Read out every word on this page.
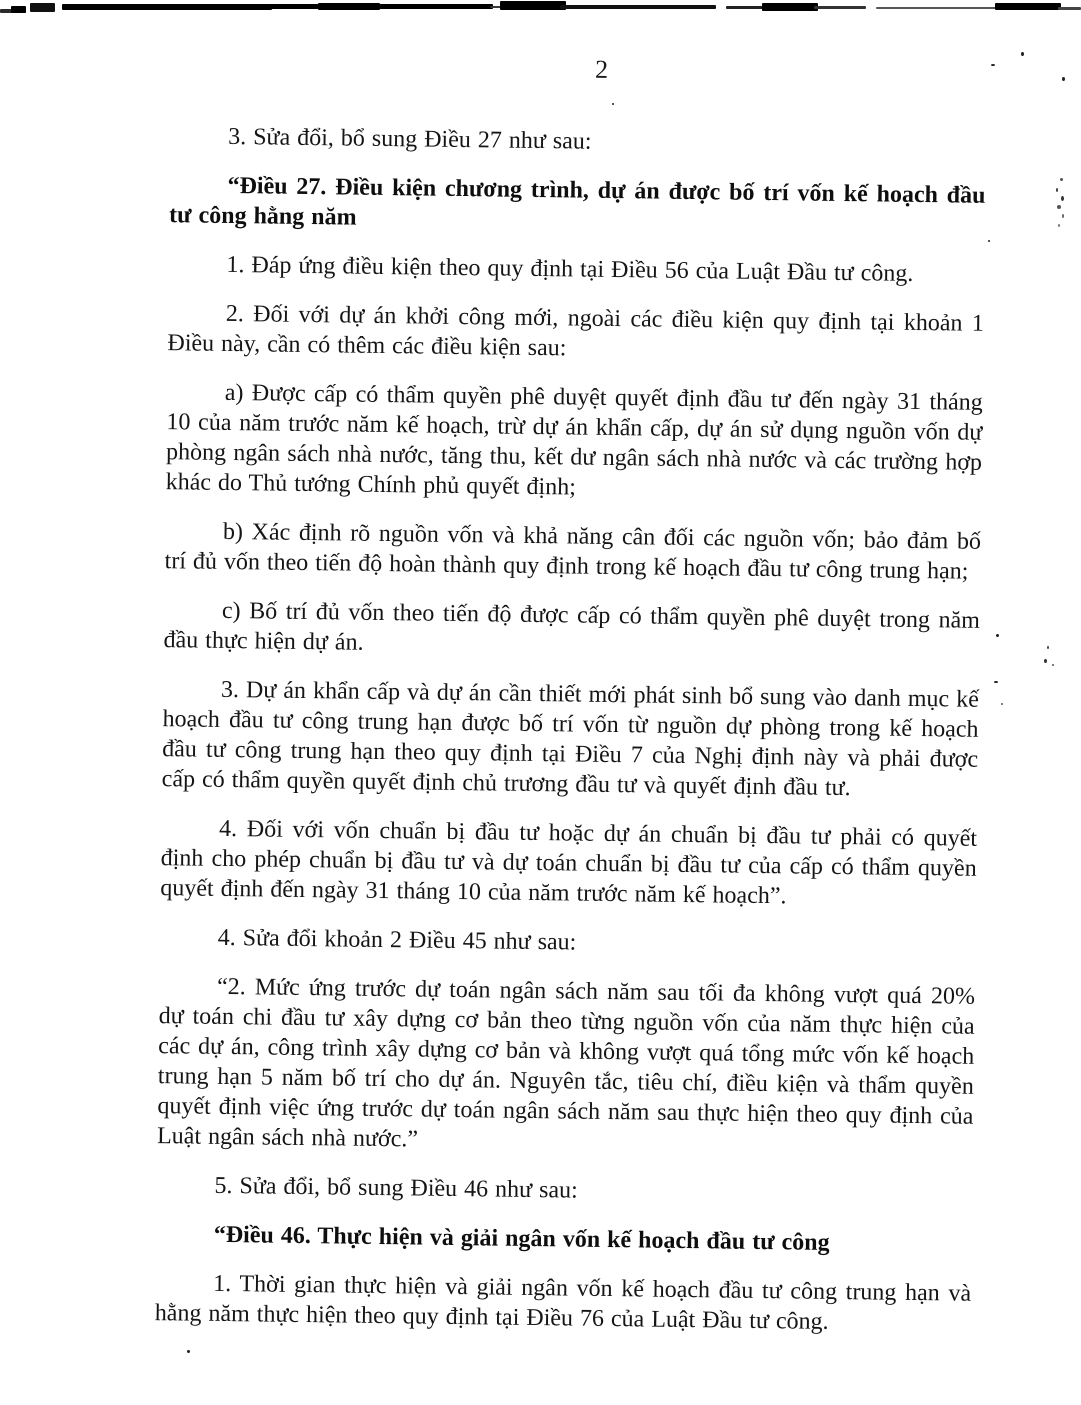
2

3. Sửa đổi, bổ sung Điều 27 như sau:

“Điều 27. Điều kiện chương trình, dự án được bố trí vốn kế hoạch đầu tư công hằng năm

1. Đáp ứng điều kiện theo quy định tại Điều 56 của Luật Đầu tư công.

2. Đối với dự án khởi công mới, ngoài các điều kiện quy định tại khoản 1 Điều này, cần có thêm các điều kiện sau:

a) Được cấp có thẩm quyền phê duyệt quyết định đầu tư đến ngày 31 tháng 10 của năm trước năm kế hoạch, trừ dự án khẩn cấp, dự án sử dụng nguồn vốn dự phòng ngân sách nhà nước, tăng thu, kết dư ngân sách nhà nước và các trường hợp khác do Thủ tướng Chính phủ quyết định;

b) Xác định rõ nguồn vốn và khả năng cân đối các nguồn vốn; bảo đảm bố trí đủ vốn theo tiến độ hoàn thành quy định trong kế hoạch đầu tư công trung hạn;

c) Bố trí đủ vốn theo tiến độ được cấp có thẩm quyền phê duyệt trong năm đầu thực hiện dự án.

3. Dự án khẩn cấp và dự án cần thiết mới phát sinh bổ sung vào danh mục kế hoạch đầu tư công trung hạn được bố trí vốn từ nguồn dự phòng trong kế hoạch đầu tư công trung hạn theo quy định tại Điều 7 của Nghị định này và phải được cấp có thẩm quyền quyết định chủ trương đầu tư và quyết định đầu tư.

4. Đối với vốn chuẩn bị đầu tư hoặc dự án chuẩn bị đầu tư phải có quyết định cho phép chuẩn bị đầu tư và dự toán chuẩn bị đầu tư của cấp có thẩm quyền quyết định đến ngày 31 tháng 10 của năm trước năm kế hoạch”.

4. Sửa đổi khoản 2 Điều 45 như sau:

“2. Mức ứng trước dự toán ngân sách năm sau tối đa không vượt quá 20% dự toán chi đầu tư xây dựng cơ bản theo từng nguồn vốn của năm thực hiện của các dự án, công trình xây dựng cơ bản và không vượt quá tổng mức vốn kế hoạch trung hạn 5 năm bố trí cho dự án. Nguyên tắc, tiêu chí, điều kiện và thẩm quyền quyết định việc ứng trước dự toán ngân sách năm sau thực hiện theo quy định của Luật ngân sách nhà nước.”

5. Sửa đổi, bổ sung Điều 46 như sau:

“Điều 46. Thực hiện và giải ngân vốn kế hoạch đầu tư công

1. Thời gian thực hiện và giải ngân vốn kế hoạch đầu tư công trung hạn và hằng năm thực hiện theo quy định tại Điều 76 của Luật Đầu tư công.
